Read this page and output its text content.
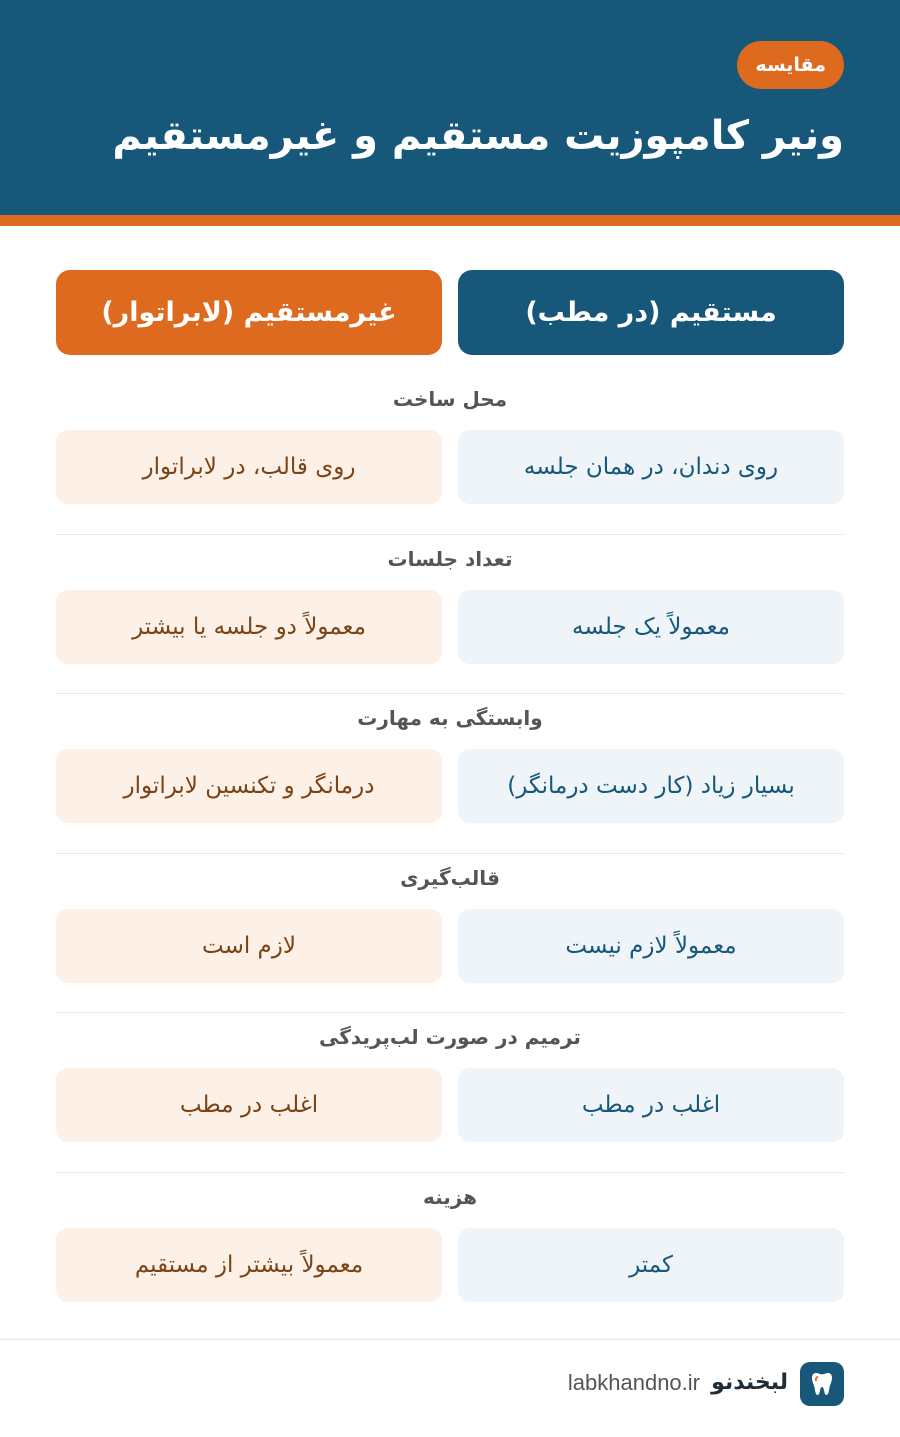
مقایسه
ونیر کامپوزیت مستقیم و غیرمستقیم
مستقیم (در مطب)
غیرمستقیم (لابراتوار)
محل ساخت
روی دندان، در همان جلسه
روی قالب، در لابراتوار
تعداد جلسات
معمولاً یک جلسه
معمولاً دو جلسه یا بیشتر
وابستگی به مهارت
بسیار زیاد (کار دست درمانگر)
درمانگر و تکنسین لابراتوار
قالب‌گیری
معمولاً لازم نیست
لازم است
ترمیم در صورت لب‌پریدگی
اغلب در مطب
اغلب در مطب
هزینه
کمتر
معمولاً بیشتر از مستقیم
لبخندنو
labkhandno.ir
